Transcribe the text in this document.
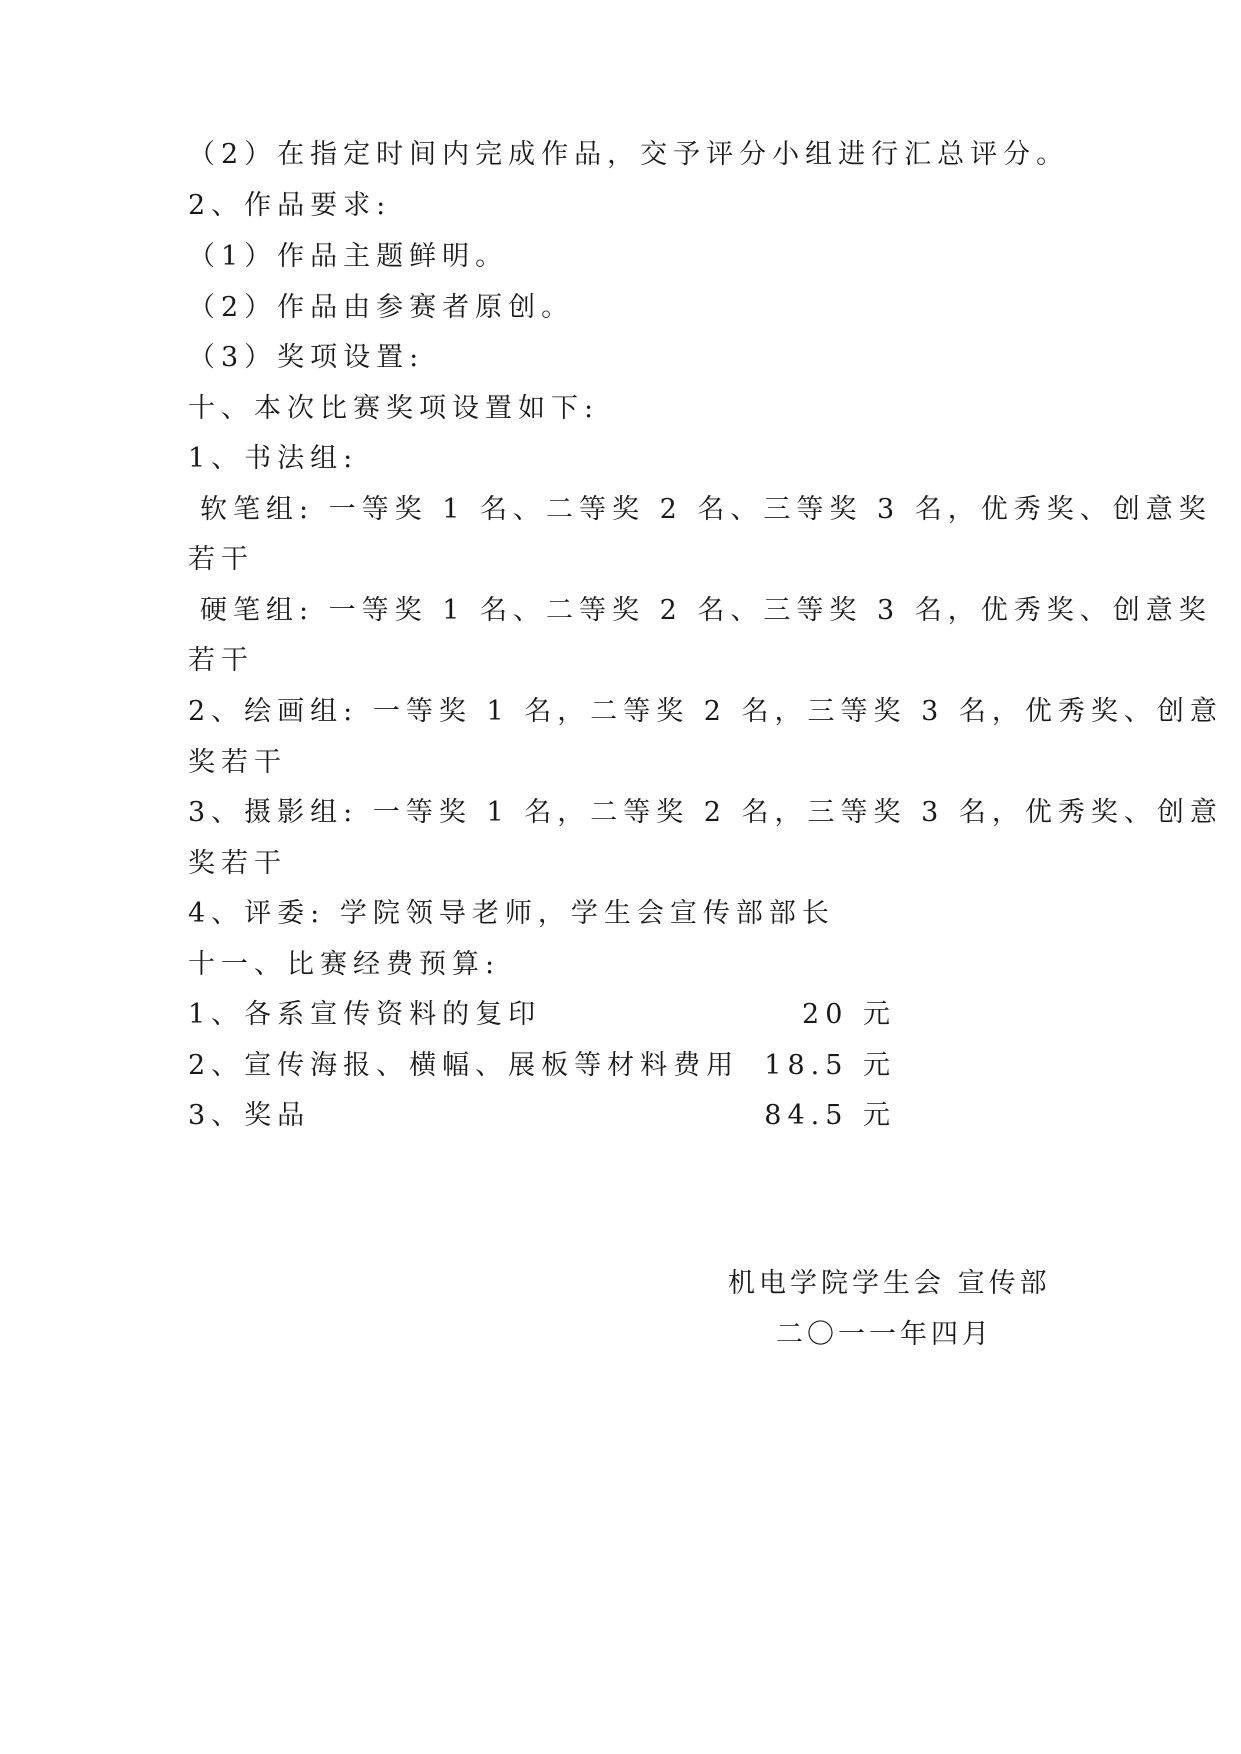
（2）在指定时间内完成作品，交予评分小组进行汇总评分。
2、作品要求:
（1）作品主题鲜明。
（2）作品由参赛者原创。
（3）奖项设置:
十、本次比赛奖项设置如下:
1、书法组:
软笔组: 一等奖 1 名、二等奖 2 名、三等奖 3 名，优秀奖、创意奖
若干
硬笔组: 一等奖 1 名、二等奖 2 名、三等奖 3 名，优秀奖、创意奖
若干
2、绘画组: 一等奖 1 名，二等奖 2 名，三等奖 3 名，优秀奖、创意
奖若干
3、摄影组: 一等奖 1 名，二等奖 2 名，三等奖 3 名，优秀奖、创意
奖若干
4、评委: 学院领导老师，学生会宣传部部长
十一、比赛经费预算:
1、各系宣传资料的复印	20 元
2、宣传海报、横幅、展板等材料费用 18.5 元
3、奖品	84.5 元
机电学院学生会 宣传部
二〇一一年四月
